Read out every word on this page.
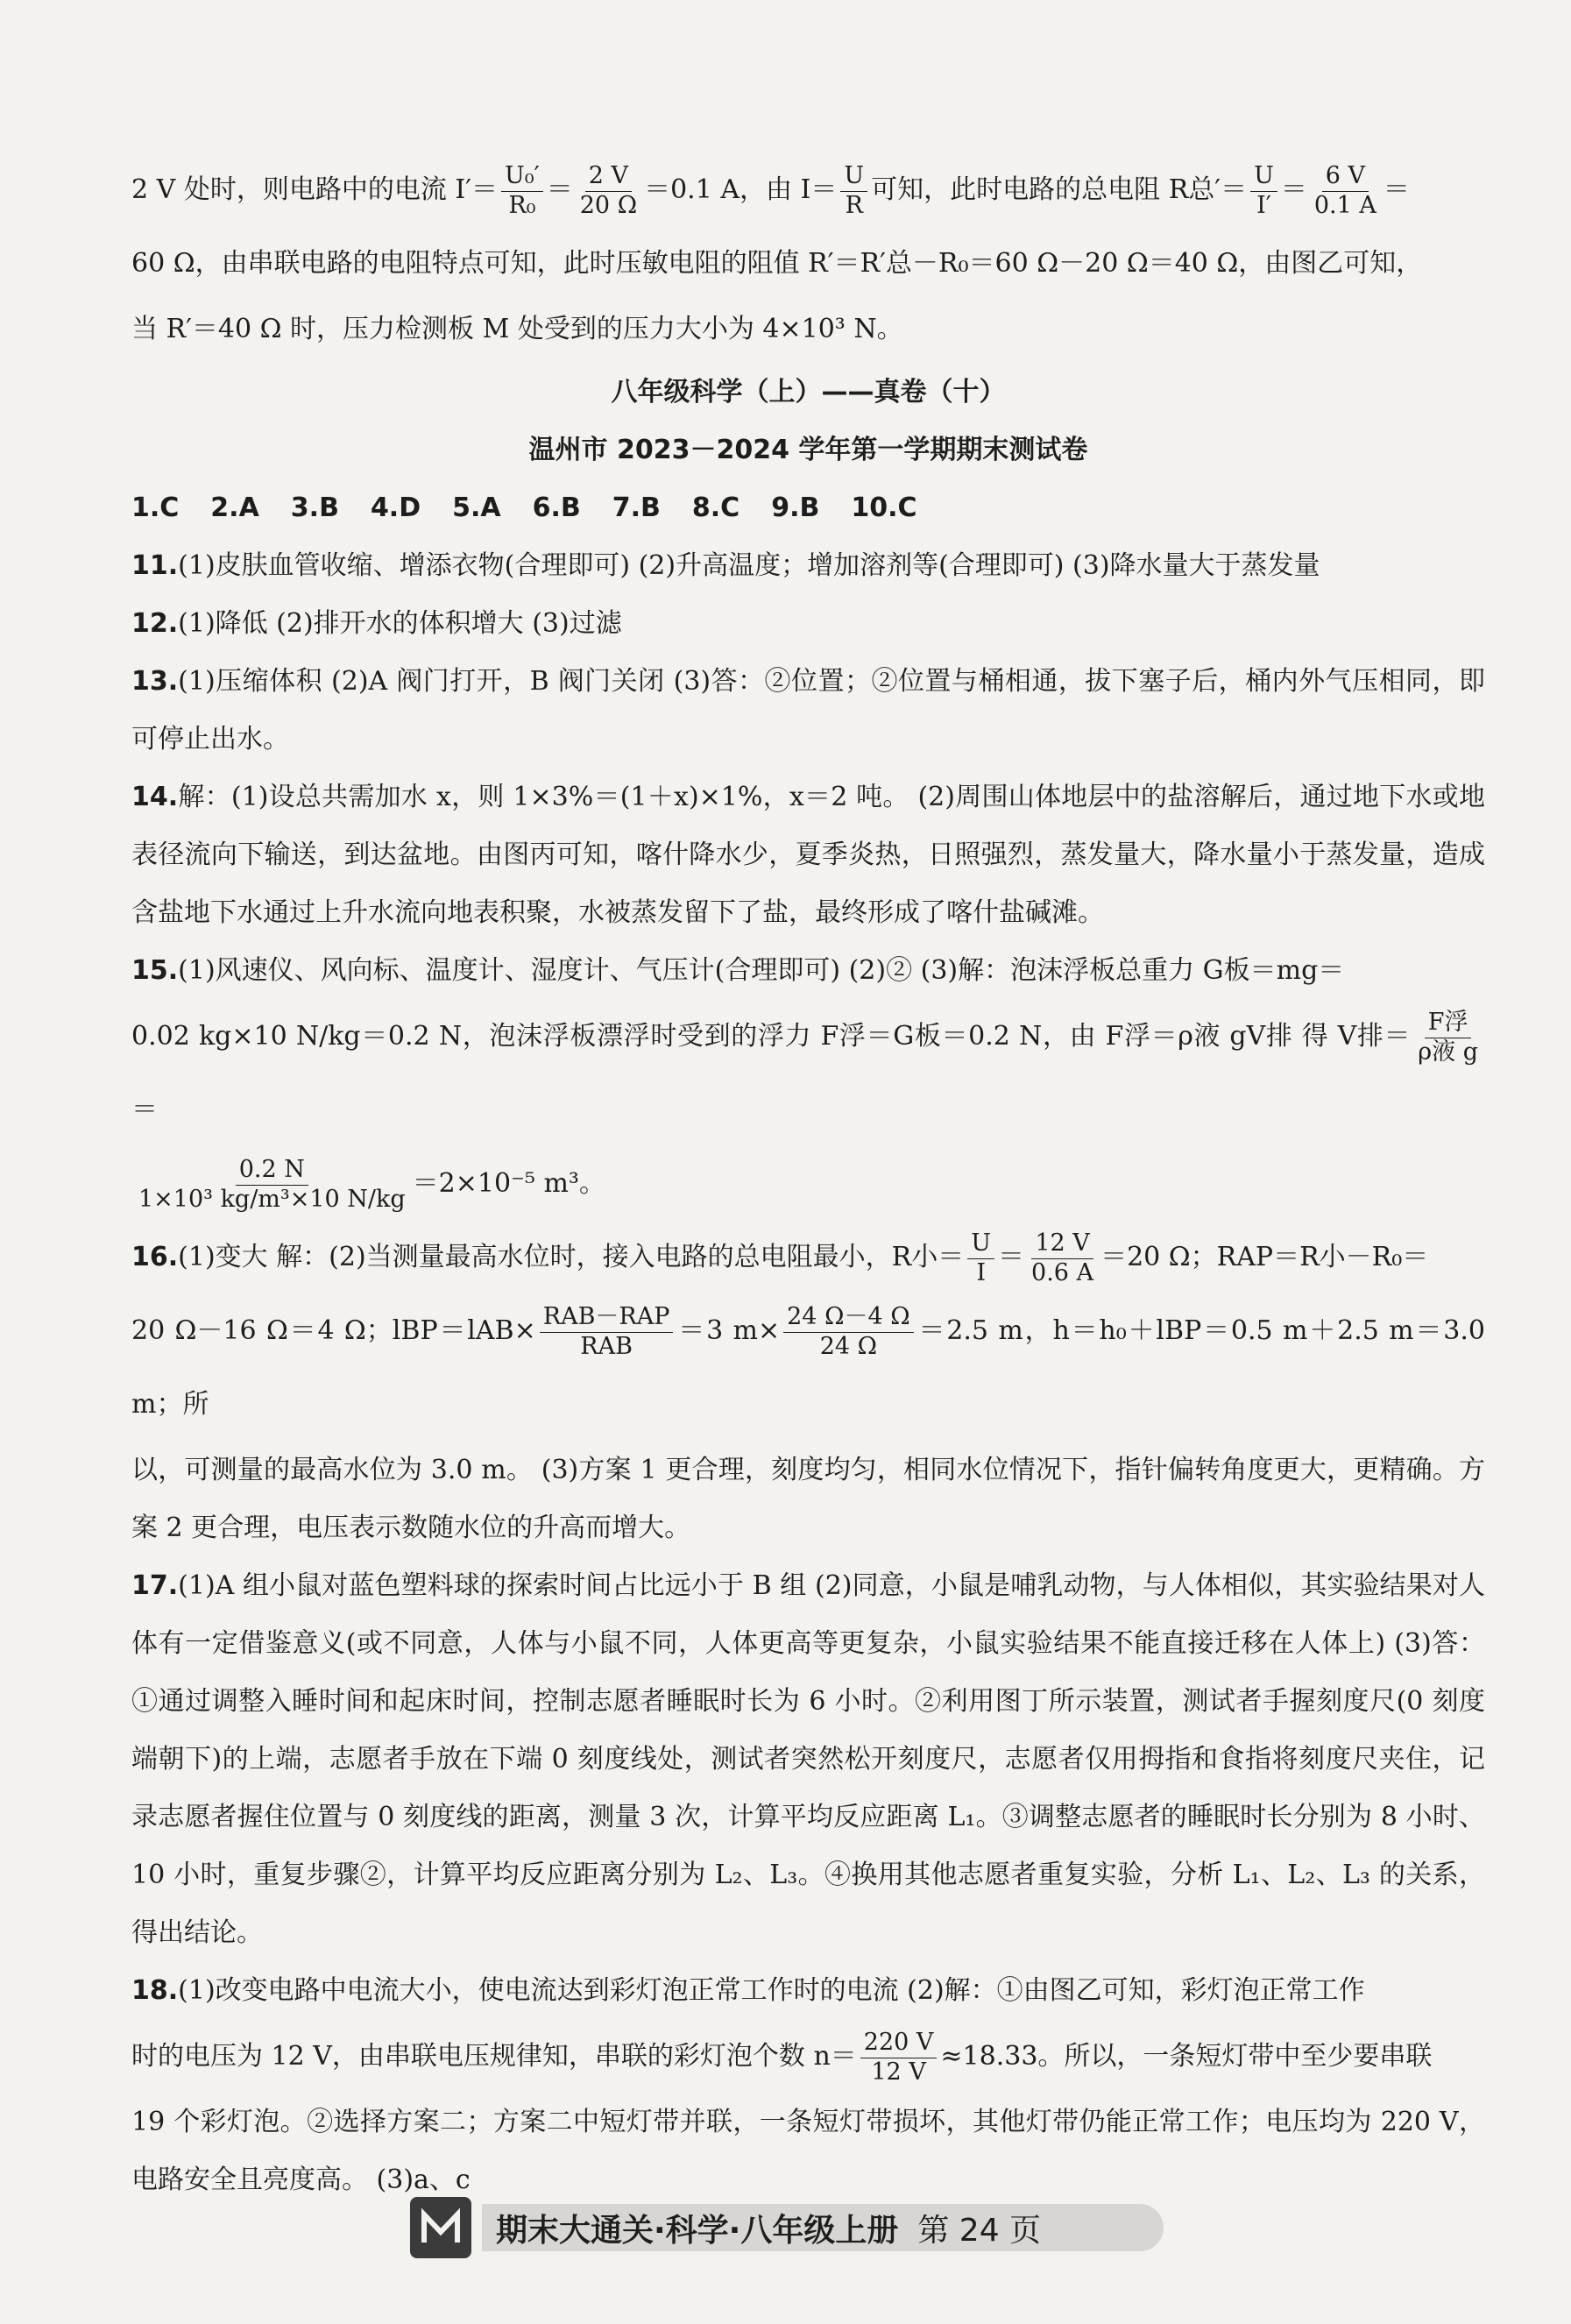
2 V 处时，则电路中的电流 $I'= \frac{\text{U₀′}}{\text{R₀}} = \frac{2 V}{20 \Omega} =0.1$ A，由 $I= \frac{U}{R}$ 可知，此时电路的总电阻 R总′＝ $\frac{U}{I'} = \frac{6 V}{0.1 A}$ ＝

60 Ω，由串联电路的电阻特点可知，此时压敏电阻的阻值 R′＝R′总－R₀＝60 Ω－20 Ω＝40 Ω，由图乙可知，

当 R′＝40 Ω 时，压力检测板 M 处受到的压力大小为 4×10³ N。

八年级科学（上）——真卷（十）

温州市 2023－2024 学年第一学期期末测试卷

1.C 2.A 3.B 4.D 5.A 6.B 7.B 8.C 9.B 10.C

11.(1)皮肤血管收缩、增添衣物(合理即可) (2)升高温度；增加溶剂等(合理即可) (3)降水量大于蒸发量

12.(1)降低 (2)排开水的体积增大 (3)过滤

13.(1)压缩体积 (2)A 阀门打开，B 阀门关闭 (3)答：②位置；②位置与桶相通，拔下塞子后，桶内外气压相同，即可停止出水。

14.解：(1)设总共需加水 x，则 1×3%＝(1＋x)×1%，x＝2 吨。 (2)周围山体地层中的盐溶解后，通过地下水或地表径流向下输送，到达盆地。由图丙可知，喀什降水少，夏季炎热，日照强烈，蒸发量大，降水量小于蒸发量，造成含盐地下水通过上升水流向地表积聚，水被蒸发留下了盐，最终形成了喀什盐碱滩。

15.(1)风速仪、风向标、温度计、湿度计、气压计(合理即可) (2)② (3)解：泡沫浮板总重力 G板＝mg＝

0.02 kg×10 N/kg＝0.2 N，泡沫浮板漂浮时受到的浮力 F浮＝G板＝0.2 N，由 F浮＝ρ液 gV排 得 V排＝ $\frac{\text{F浮}}{\text{ρ液 g}}$
＝

$\frac{0.2 N}{\text{1×10³ kg/m³×10 N/kg}} =2\times 10^{-5}$ m³。

16.(1)变大 解：(2)当测量最高水位时，接入电路的总电阻最小，R小＝ $\frac{U}{I} = \frac{12 V}{0.6 A} =20$ Ω；RAP＝R小－R₀＝

20 Ω－16 Ω＝4 Ω；$lBP=lAB\times \frac{\text{RAB－RAP}}{\text{RAB}} =3$ $m\times \frac{24 \Omega-4 \Omega}{24 \Omega} =2.5$ m，h＝h₀＋lBP＝0.5 m＋2.5 m＝3.0 m；所

以，可测量的最高水位为 3.0 m。 (3)方案 1 更合理，刻度均匀，相同水位情况下，指针偏转角度更大，更精确。方案 2 更合理，电压表示数随水位的升高而增大。

17.(1)A 组小鼠对蓝色塑料球的探索时间占比远小于 B 组 (2)同意，小鼠是哺乳动物，与人体相似，其实验结果对人体有一定借鉴意义(或不同意，人体与小鼠不同，人体更高等更复杂，小鼠实验结果不能直接迁移在人体上) (3)答：①通过调整入睡时间和起床时间，控制志愿者睡眠时长为 6 小时。②利用图丁所示装置，测试者手握刻度尺(0 刻度端朝下)的上端，志愿者手放在下端 0 刻度线处，测试者突然松开刻度尺，志愿者仅用拇指和食指将刻度尺夹住，记录志愿者握住位置与 0 刻度线的距离，测量 3 次，计算平均反应距离 L₁。③调整志愿者的睡眠时长分别为 8 小时、10 小时，重复步骤②，计算平均反应距离分别为 L₂、L₃。④换用其他志愿者重复实验，分析 L₁、L₂、L₃ 的关系，得出结论。

18.(1)改变电路中电流大小，使电流达到彩灯泡正常工作时的电流 (2)解：①由图乙可知，彩灯泡正常工作

时的电压为 12 V，由串联电压规律知，串联的彩灯泡个数 $n= \frac{220 V}{12 V} \approx 18.33$。所以，一条短灯带中至少要串联

19 个彩灯泡。②选择方案二；方案二中短灯带并联，一条短灯带损坏，其他灯带仍能正常工作；电压均为 220 V，电路安全且亮度高。 (3)a、c

期末大通关·科学·八年级上册 第 24 页
